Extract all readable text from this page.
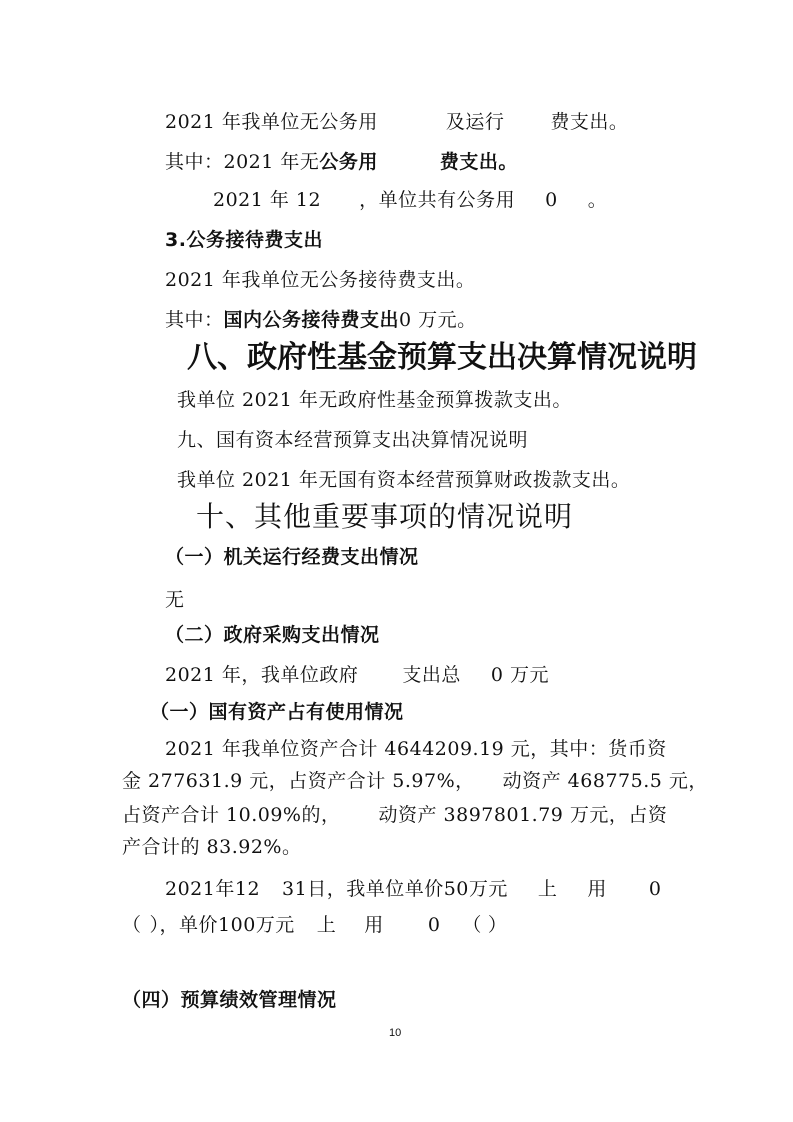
2021 年我单位无公务用	及运行 费支出。
其中：2021 年无公务用	费支出。
2021 年 12 ，单位共有公务用 0 。
3.公务接待费支出
2021 年我单位无公务接待费支出。
其中：国内公务接待费支出0 万元。
八、政府性基金预算支出决算情况说明
我单位 2021 年无政府性基金预算拨款支出。
九、国有资本经营预算支出决算情况说明
我单位 2021 年无国有资本经营预算财政拨款支出。
十、其他重要事项的情况说明
（一）机关运行经费支出情况
无
（二）政府采购支出情况
2021 年，我单位政府 支出总 0 万元
（一）国有资产占有使用情况
2021 年我单位资产合计 4644209.19 元，其中：货币资
金 277631.9 元，占资产合计 5.97%， 动资产 468775.5 元，
占资产合计 10.09%的， 动资产 3897801.79 万元，占资
产合计的 83.92%。
2021年12 31日，我单位单价50万元 上 用 0
（ ），单价100万元 上 用 0 （ ）
（四）预算绩效管理情况
10
